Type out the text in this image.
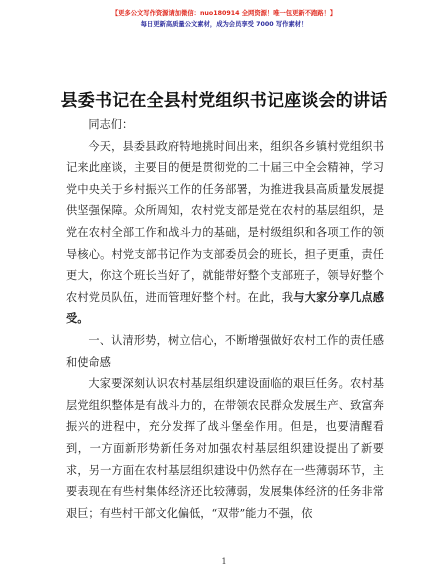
【更多公文写作资源请加微信：nuo180914 全网资源！唯一包更新不跑路！】
每日更新高质量公文素材，成为会员享受 7000 写作素材！
县委书记在全县村党组织书记座谈会的讲话

同志们：

今天，县委县政府特地挑时间出来，组织各乡镇村党组织书记来此座谈，主要目的便是贯彻党的二十届三中全会精神，学习党中央关于乡村振兴工作的任务部署，为推进我县高质量发展提供坚强保障。众所周知，农村党支部是党在农村的基层组织，是党在农村全部工作和战斗力的基础，是村级组织和各项工作的领导核心。村党支部书记作为支部委员会的班长，担子更重，责任更大，你这个班长当好了，就能带好整个支部班子，领导好整个农村党员队伍，进而管理好整个村。在此，我与大家分享几点感受。

一、认清形势，树立信心，不断增强做好农村工作的责任感和使命感

大家要深刻认识农村基层组织建设面临的艰巨任务。农村基层党组织整体是有战斗力的，在带领农民群众发展生产、致富奔振兴的进程中，充分发挥了战斗堡垒作用。但是，也要清醒看到，一方面新形势新任务对加强农村基层组织建设提出了新要求，另一方面在农村基层组织建设中仍然存在一些薄弱环节，主要表现在有些村集体经济还比较薄弱，发展集体经济的任务非常艰巨；有些村干部文化偏低，“双带”能力不强，依

1
